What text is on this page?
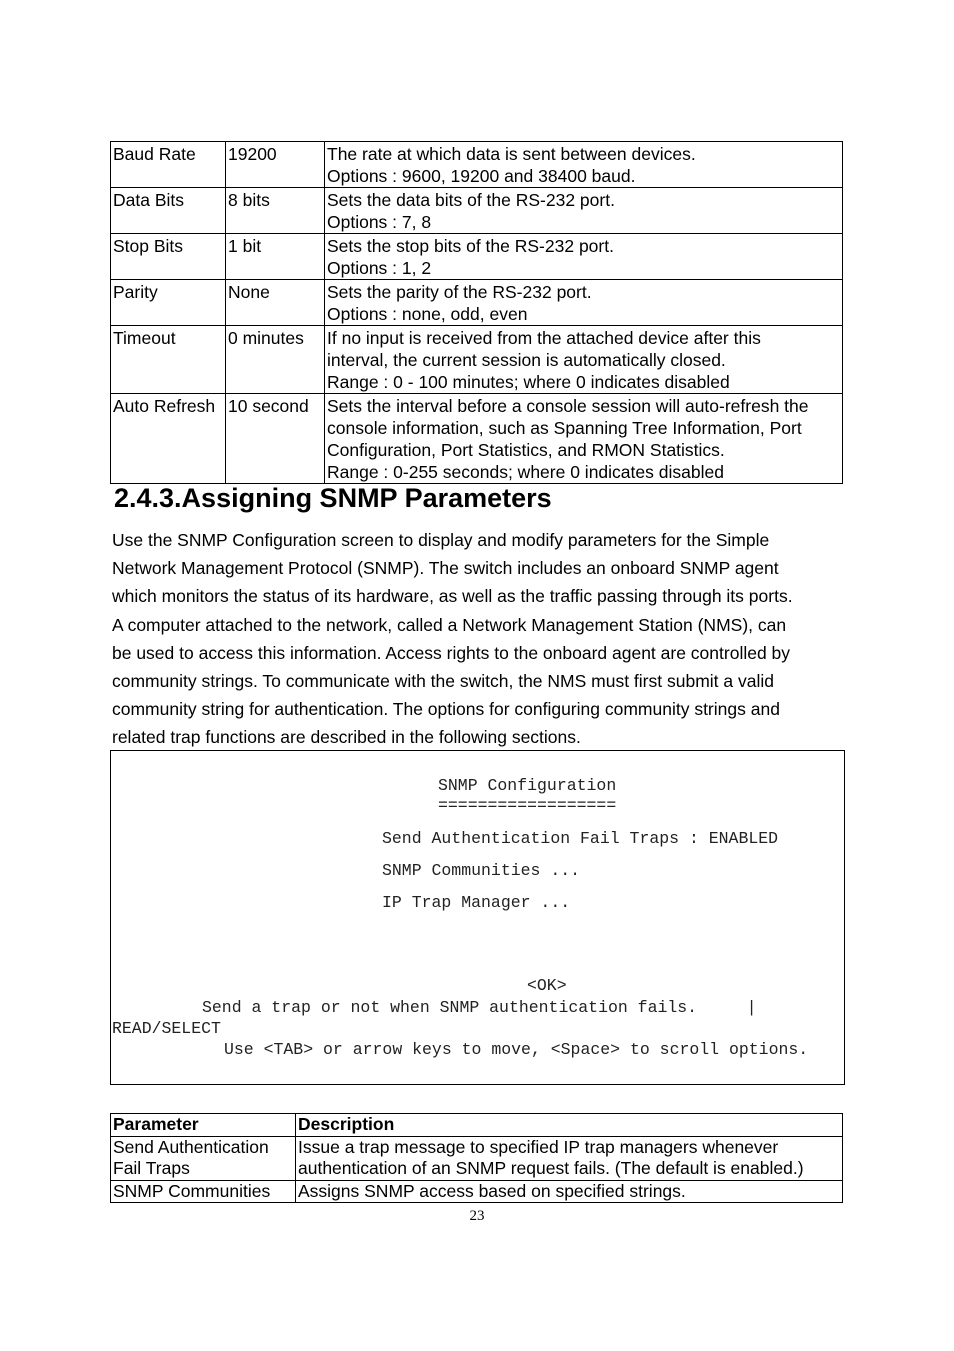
Baud Rate	19200	The rate at which data is sent between devices.
Options : 9600, 19200 and 38400 baud.

Data Bits	8 bits	Sets the data bits of the RS-232 port.
Options : 7, 8

Stop Bits	1 bit	Sets the stop bits of the RS-232 port.
Options : 1, 2

Parity	None	Sets the parity of the RS-232 port.
Options : none, odd, even

Timeout	0 minutes	If no input is received from the attached device after this
interval, the current session is automatically closed.
Range : 0 - 100 minutes; where 0 indicates disabled

Auto Refresh	10 second	Sets the interval before a console session will auto-refresh the
console information, such as Spanning Tree Information, Port
Configuration, Port Statistics, and RMON Statistics.
Range : 0-255 seconds; where 0 indicates disabled
2.4.3.Assigning SNMP Parameters

Use the SNMP Configuration screen to display and modify parameters for the Simple
Network Management Protocol (SNMP). The switch includes an onboard SNMP agent
which monitors the status of its hardware, as well as the traffic passing through its ports.
A computer attached to the network, called a Network Management Station (NMS), can
be used to access this information. Access rights to the onboard agent are controlled by
community strings. To communicate with the switch, the NMS must first submit a valid
community string for authentication. The options for configuring community strings and
related trap functions are described in the following sections.

SNMP Configuration
==================
Send Authentication Fail Traps : ENABLED
SNMP Communities ...
IP Trap Manager ...
<OK>
Send a trap or not when SNMP authentication fails.     |
READ/SELECT
Use <TAB> or arrow keys to move, <Space> to scroll options.
Parameter	Description

Send Authentication
Fail Traps	Issue a trap message to specified IP trap managers whenever
authentication of an SNMP request fails. (The default is enabled.)

SNMP Communities	Assigns SNMP access based on specified strings.
23
